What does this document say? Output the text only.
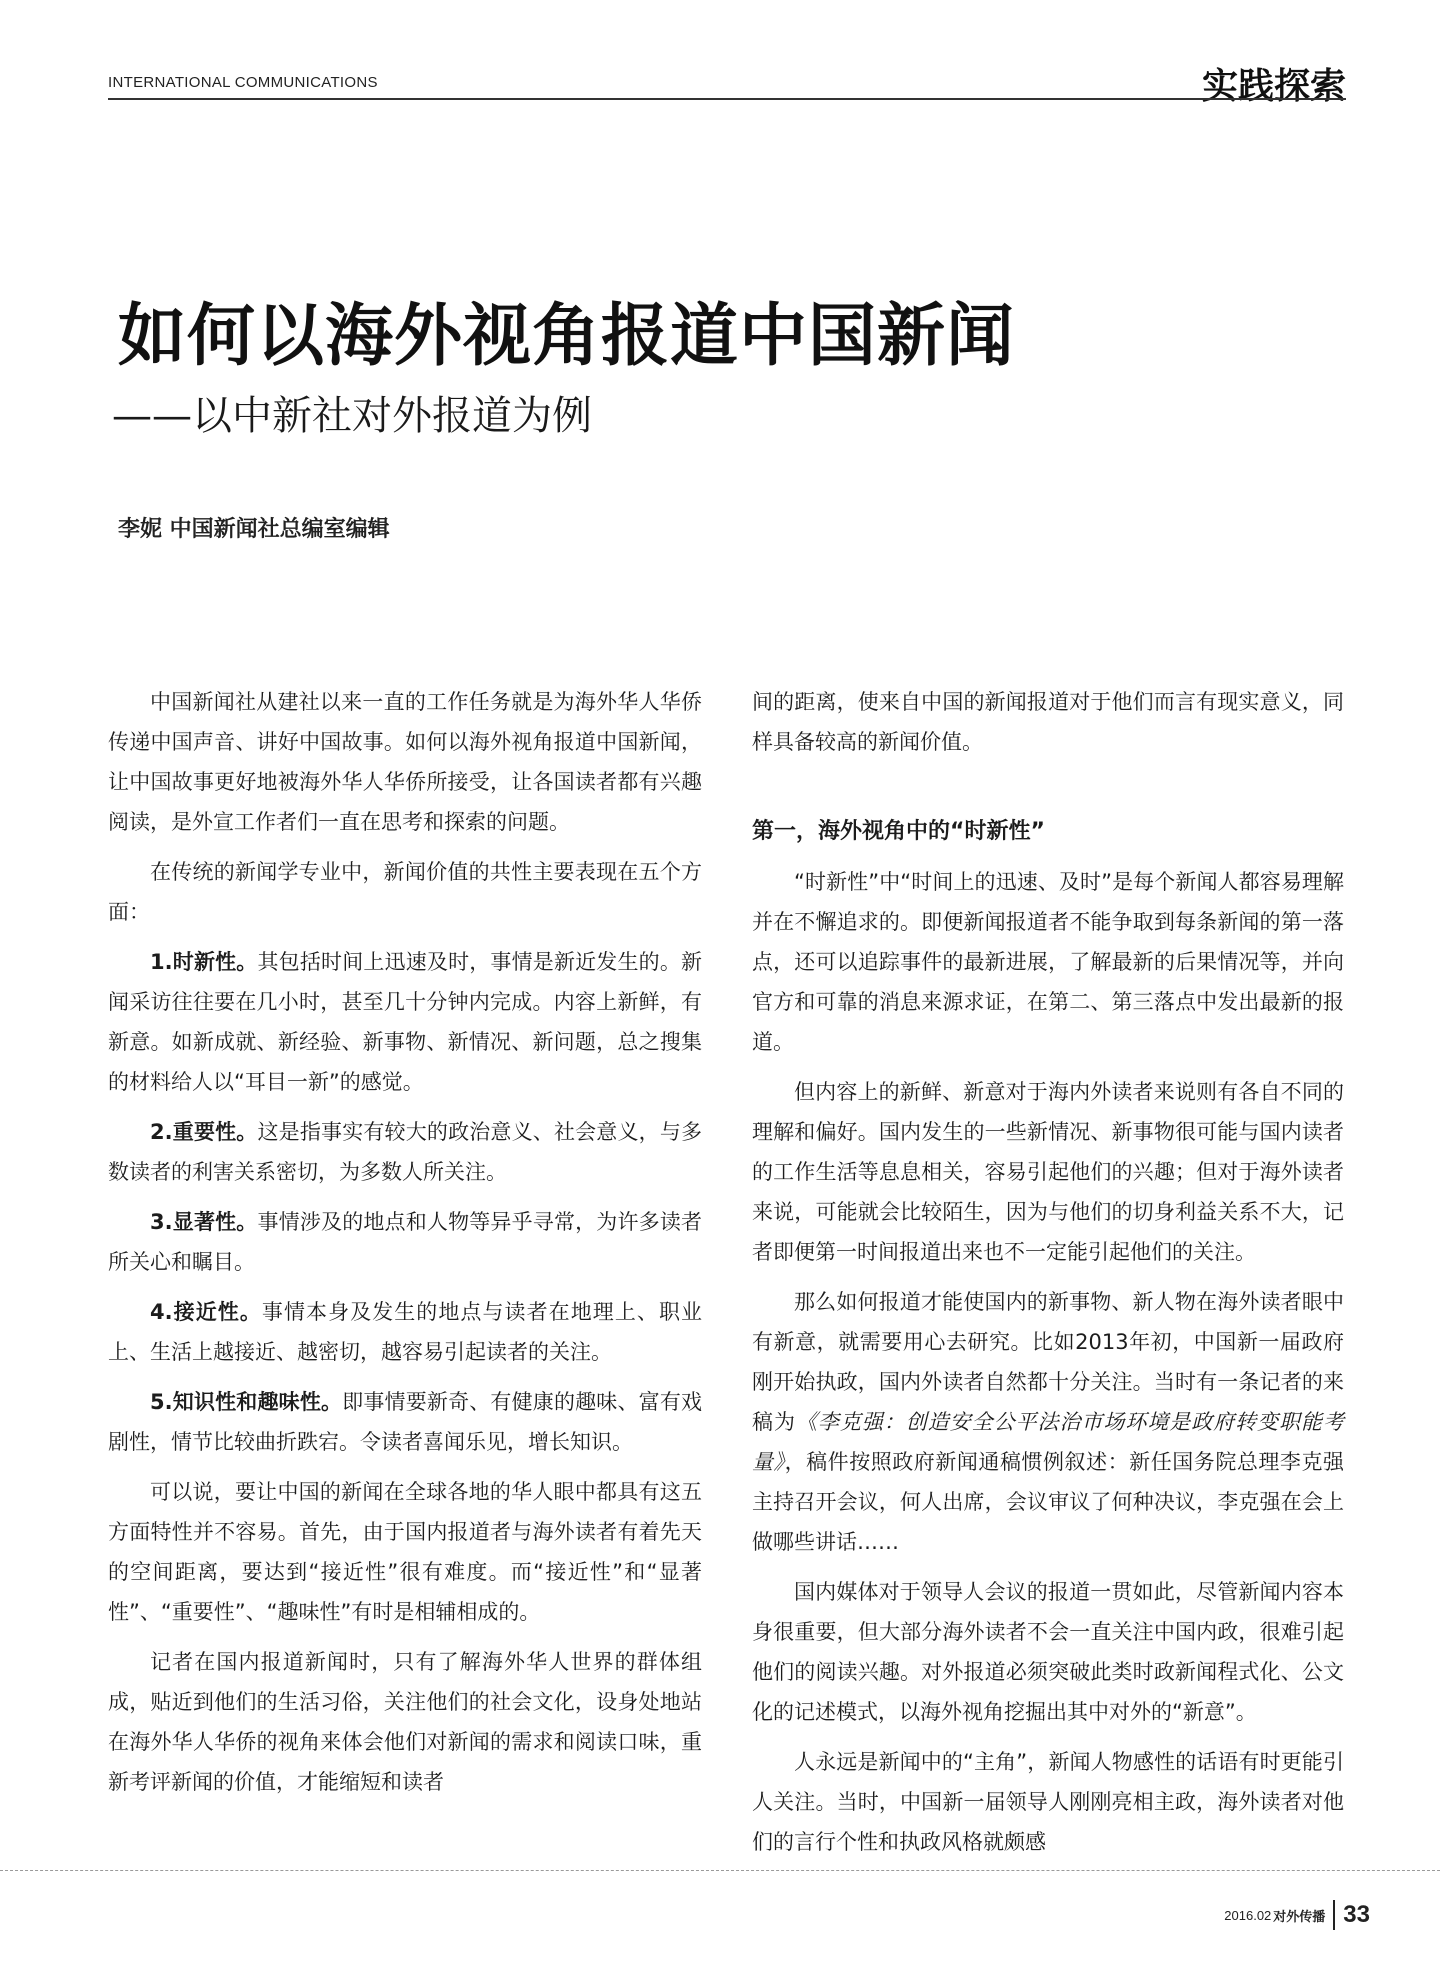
INTERNATIONAL COMMUNICATIONS	实践探索
如何以海外视角报道中国新闻
——以中新社对外报道为例
李妮 中国新闻社总编室编辑

中国新闻社从建社以来一直的工作任务就是为海外华人华侨传递中国声音、讲好中国故事。如何以海外视角报道中国新闻，让中国故事更好地被海外华人华侨所接受，让各国读者都有兴趣阅读，是外宣工作者们一直在思考和探索的问题。

在传统的新闻学专业中，新闻价值的共性主要表现在五个方面：

1.时新性。其包括时间上迅速及时，事情是新近发生的。新闻采访往往要在几小时，甚至几十分钟内完成。内容上新鲜，有新意。如新成就、新经验、新事物、新情况、新问题，总之搜集的材料给人以“耳目一新”的感觉。

2.重要性。这是指事实有较大的政治意义、社会意义，与多数读者的利害关系密切，为多数人所关注。

3.显著性。事情涉及的地点和人物等异乎寻常，为许多读者所关心和瞩目。

4.接近性。事情本身及发生的地点与读者在地理上、职业上、生活上越接近、越密切，越容易引起读者的关注。

5.知识性和趣味性。即事情要新奇、有健康的趣味、富有戏剧性，情节比较曲折跌宕。令读者喜闻乐见，增长知识。

可以说，要让中国的新闻在全球各地的华人眼中都具有这五方面特性并不容易。首先，由于国内报道者与海外读者有着先天的空间距离，要达到“接近性”很有难度。而“接近性”和“显著性”、“重要性”、“趣味性”有时是相辅相成的。

记者在国内报道新闻时，只有了解海外华人世界的群体组成，贴近到他们的生活习俗，关注他们的社会文化，设身处地站在海外华人华侨的视角来体会他们对新闻的需求和阅读口味，重新考评新闻的价值，才能缩短和读者

间的距离，使来自中国的新闻报道对于他们而言有现实意义，同样具备较高的新闻价值。

第一，海外视角中的“时新性”

“时新性”中“时间上的迅速、及时”是每个新闻人都容易理解并在不懈追求的。即便新闻报道者不能争取到每条新闻的第一落点，还可以追踪事件的最新进展，了解最新的后果情况等，并向官方和可靠的消息来源求证，在第二、第三落点中发出最新的报道。

但内容上的新鲜、新意对于海内外读者来说则有各自不同的理解和偏好。国内发生的一些新情况、新事物很可能与国内读者的工作生活等息息相关，容易引起他们的兴趣；但对于海外读者来说，可能就会比较陌生，因为与他们的切身利益关系不大，记者即便第一时间报道出来也不一定能引起他们的关注。

那么如何报道才能使国内的新事物、新人物在海外读者眼中有新意，就需要用心去研究。比如2013年初，中国新一届政府刚开始执政，国内外读者自然都十分关注。当时有一条记者的来稿为《李克强：创造安全公平法治市场环境是政府转变职能考量》，稿件按照政府新闻通稿惯例叙述：新任国务院总理李克强主持召开会议，何人出席，会议审议了何种决议，李克强在会上做哪些讲话……

国内媒体对于领导人会议的报道一贯如此，尽管新闻内容本身很重要，但大部分海外读者不会一直关注中国内政，很难引起他们的阅读兴趣。对外报道必须突破此类时政新闻程式化、公文化的记述模式，以海外视角挖掘出其中对外的“新意”。

人永远是新闻中的“主角”，新闻人物感性的话语有时更能引人关注。当时，中国新一届领导人刚刚亮相主政，海外读者对他们的言行个性和执政风格就颇感

2016.02 对外传播 33
